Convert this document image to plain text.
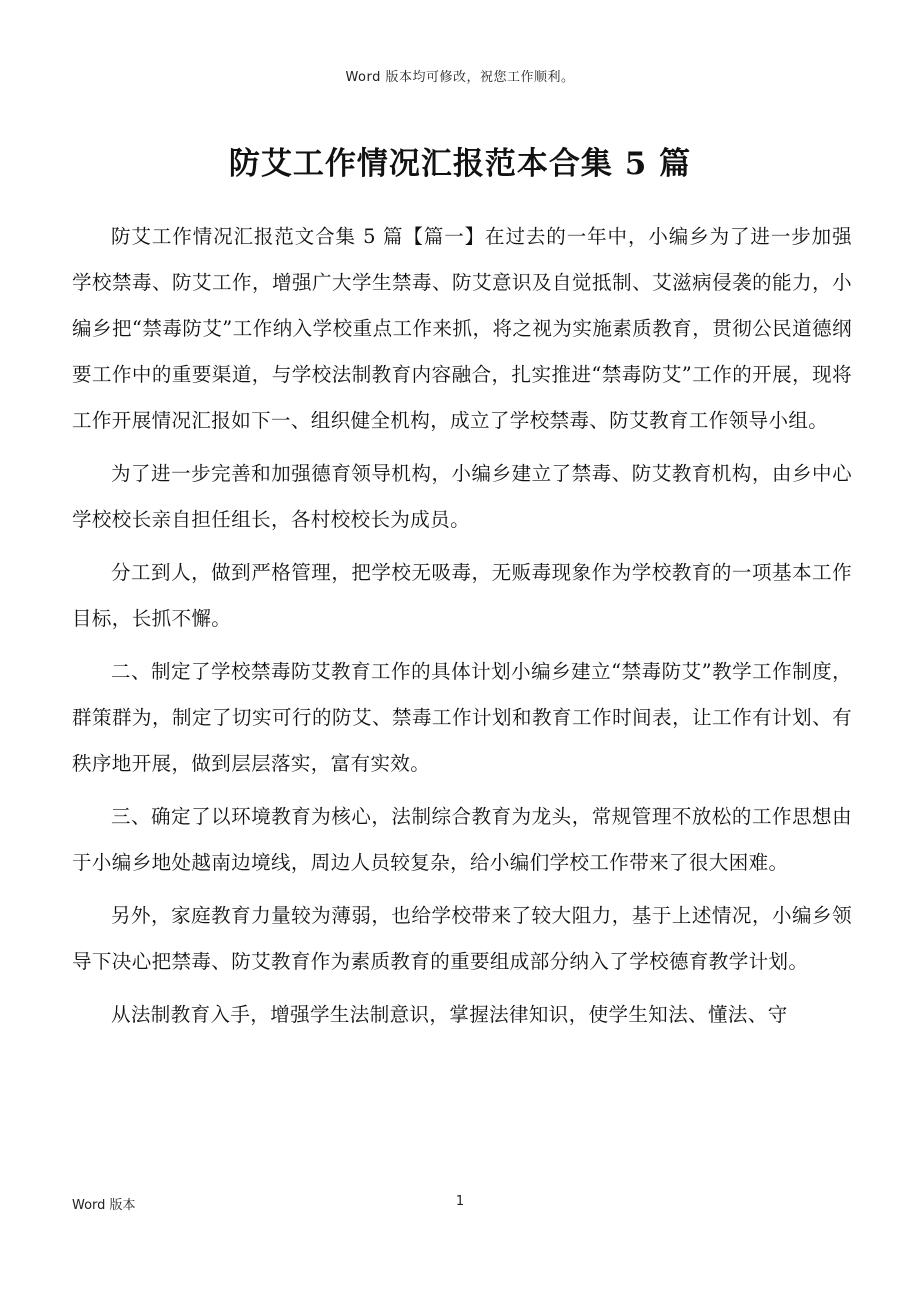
Word 版本均可修改，祝您工作顺利。
防艾工作情况汇报范本合集 5 篇

防艾工作情况汇报范文合集 5 篇【篇一】在过去的一年中，小编乡为了进一步加强学校禁毒、防艾工作，增强广大学生禁毒、防艾意识及自觉抵制、艾滋病侵袭的能力，小编乡把“禁毒防艾”工作纳入学校重点工作来抓，将之视为实施素质教育，贯彻公民道德纲要工作中的重要渠道，与学校法制教育内容融合，扎实推进“禁毒防艾”工作的开展，现将工作开展情况汇报如下一、组织健全机构，成立了学校禁毒、防艾教育工作领导小组。

为了进一步完善和加强德育领导机构，小编乡建立了禁毒、防艾教育机构，由乡中心学校校长亲自担任组长，各村校校长为成员。

分工到人，做到严格管理，把学校无吸毒，无贩毒现象作为学校教育的一项基本工作目标，长抓不懈。

二、制定了学校禁毒防艾教育工作的具体计划小编乡建立“禁毒防艾”教学工作制度，群策群为，制定了切实可行的防艾、禁毒工作计划和教育工作时间表，让工作有计划、有秩序地开展，做到层层落实，富有实效。

三、确定了以环境教育为核心，法制综合教育为龙头，常规管理不放松的工作思想由于小编乡地处越南边境线，周边人员较复杂，给小编们学校工作带来了很大困难。

另外，家庭教育力量较为薄弱，也给学校带来了较大阻力，基于上述情况，小编乡领导下决心把禁毒、防艾教育作为素质教育的重要组成部分纳入了学校德育教学计划。

从法制教育入手，增强学生法制意识，掌握法律知识，使学生知法、懂法、守

Word 版本	1
